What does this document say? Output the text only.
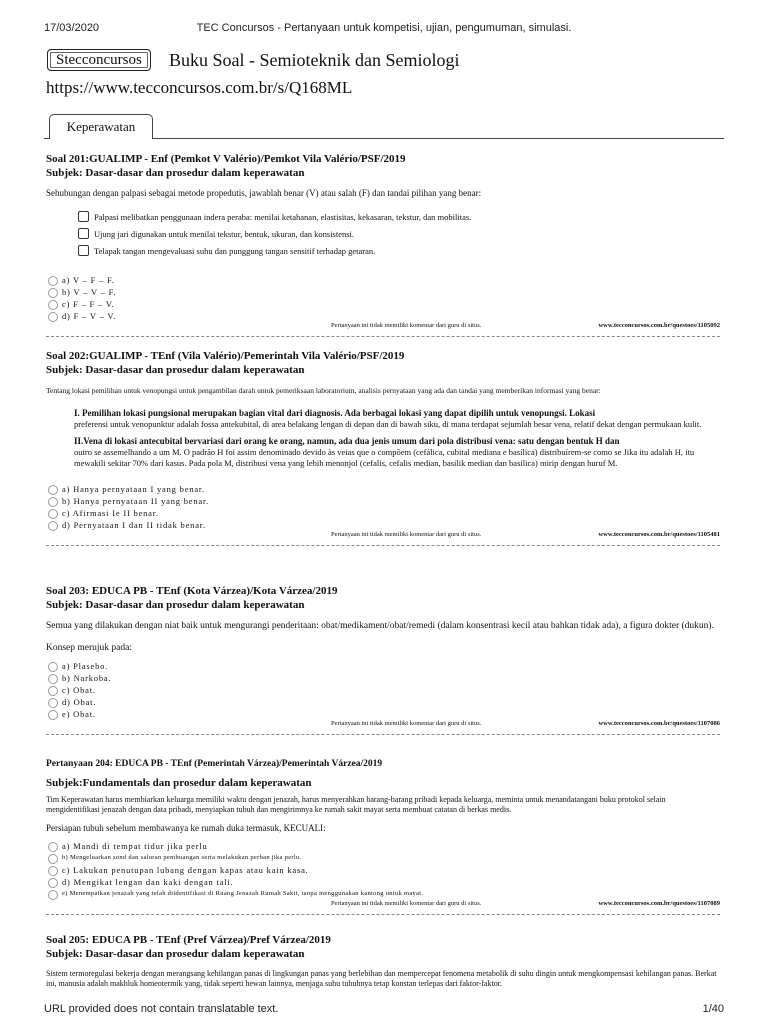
17/03/2020	TEC Concursos - Pertanyaan untuk kompetisi, ujian, pengumuman, simulasi.
Stecconcursos	Buku Soal - Semioteknik dan Semiologi
https://www.tecconcursos.com.br/s/Q168ML
Keperawatan
Soal 201:GUALIMP - Enf (Pemkot V Valério)/Pemkot Vila Valério/PSF/2019
Subjek: Dasar-dasar dan prosedur dalam keperawatan
Sehubungan dengan palpasi sebagai metode propedutis, jawablah benar (V) atau salah (F) dan tandai pilihan yang benar:
Palpasi melibatkan penggunaan indera peraba: menilai ketahanan, elastisitas, kekasaran, tekstur, dan mobilitas.
Ujung jari digunakan untuk menilai tekstur, bentuk, ukuran, dan konsistensi.
Telapak tangan mengevaluasi suhu dan punggung tangan sensitif terhadap getaran.
a) V – F – F.
b) V – V – F.
c) F – F – V.
d) F – V – V.
Pertanyaan ini tidak memiliki komentar dari guru di situs.	www.tecconcursos.com.br/questoes/1105092
Soal 202:GUALIMP - TEnf (Vila Valério)/Pemerintah Vila Valério/PSF/2019
Subjek: Dasar-dasar dan prosedur dalam keperawatan
Tentang lokasi pemilihan untuk venopungsi untuk pengambilan darah untuk pemeriksaan laboratorium, analisis pernyataan yang ada dan tandai yang memberikan informasi yang benar:
I. Pemilihan lokasi pungsional merupakan bagian vital dari diagnosis. Ada berbagai lokasi yang dapat dipilih untuk venopungsi. Lokasi
preferensi untuk venopunktur adalah fossa antekubital, di area belakang lengan di depan dan di bawah siku, di mana terdapat sejumlah besar vena, relatif dekat dengan permukaan kulit.
II.Vena di lokasi antecubital bervariasi dari orang ke orang, namun, ada dua jenis umum dari pola distribusi vena: satu dengan bentuk H dan
outro se assemelhando a um M. O padrão H foi assim denominado devido às veias que o compõem (cefálica, cubital mediana e basílica) distribuírem-se como se Jika itu adalah H, itu mewakili sekitar 70% dari kasus. Pada pola M, distribusi vena yang lebih menonjol (cefalis, cefalis median, basilik median dan basilica) mirip dengan huruf M.
a) Hanya pernyataan I yang benar.
b) Hanya pernyataan II yang benar.
c) Afirmasi Ie II benar.
d) Pernyataan I dan II tidak benar.
Pertanyaan ini tidak memiliki komentar dari guru di situs.	www.tecconcursos.com.br/questoes/1105481
Soal 203: EDUCA PB - TEnf (Kota Várzea)/Kota Várzea/2019
Subjek: Dasar-dasar dan prosedur dalam keperawatan
Semua yang dilakukan dengan niat baik untuk mengurangi penderitaan: obat/medikament/obat/remedi (dalam konsentrasi kecil atau bahkan tidak ada), a figura dokter (dukun).
Konsep merujuk pada:
a) Plasebo.
b) Narkoba.
c) Obat.
d) Obat.
e) Obat.
Pertanyaan ini tidak memiliki komentar dari guru di situs.	www.tecconcursos.com.br/questoes/1107086
Pertanyaan 204: EDUCA PB - TEnf (Pemerintah Várzea)/Pemerintah Várzea/2019
Subjek:Fundamentals dan prosedur dalam keperawatan
Tim Keperawatan harus membiarkan keluarga memiliki waktu dengan jenazah, harus menyerahkan barang-barang pribadi kepada keluarga, meminta untuk menandatangani buku protokol selain mengidentifikasi jenazah dengan data pribadi, menyiapkan tubuh dan mengirimnya ke rumah sakit mayat serta membuat catatan di berkas medis.
Persiapan tubuh sebelum membawanya ke rumah duka termasuk, KECUALI:
a) Mandi di tempat tidur jika perlu
b) Mengeluarkan sond dan saluran pembuangan serta melakukan perban jika perlu.
c) Lakukan penutupan lubang dengan kapas atau kain kasa.
d) Mengikat lengan dan kaki dengan tali.
e) Menempatkan jenazah yang telah diidentifikasi di Ruang Jenazah Rumah Sakit, tanpa menggunakan kantong untuk mayat.
Pertanyaan ini tidak memiliki komentar dari guru di situs.	www.tecconcursos.com.br/questoes/1107089
Soal 205: EDUCA PB - TEnf (Pref Várzea)/Pref Várzea/2019
Subjek: Dasar-dasar dan prosedur dalam keperawatan
Sistem termoregulasi bekerja dengan merangsang kehilangan panas di lingkungan panas yang berlebihan dan mempercepat fenomena metabolik di suhu dingin untuk mengkompensasi kehilangan panas. Berkat ini, manusia adalah makhluk homeotermik yang, tidak seperti hewan lainnya, menjaga suhu tubuhnya tetap konstan terlepas dari faktor-faktor.
URL provided does not contain translatable text.	1/40
